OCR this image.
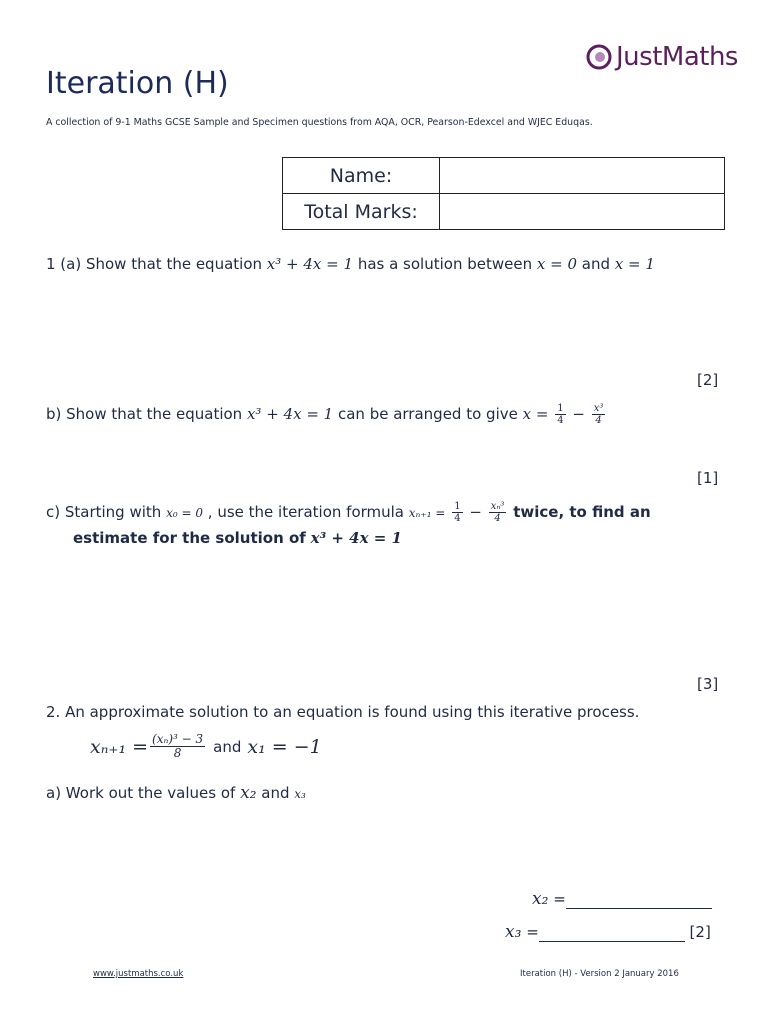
JustMaths
Iteration (H)
A collection of 9-1 Maths GCSE Sample and Specimen questions from AQA, OCR, Pearson-Edexcel and WJEC Eduqas.
Name:	
Total Marks:	
1 (a) Show that the equation x³ + 4x = 1 has a solution between x = 0 and x = 1
[2]
b) Show that the equation x³ + 4x = 1 can be arranged to give $x = \frac{1}{4} - \frac{\text{x³}}{4}$
[1]
c) Starting with x₀ = 0 , use the iteration formula $x_{n+1} = \frac{1}{4} - \frac{\text{xₙ³}}{4}$ twice, to find an
estimate for the solution of x³ + 4x = 1
[3]
2. An approximate solution to an equation is found using this iterative process.
$x_{n+1} = \frac{\text{(xₙ)³ − 3}}{8}$ and x₁ = −1
a) Work out the values of x₂ and x₃
x₂ =
x₃ =	[2]
www.justmaths.co.uk	Iteration (H) - Version 2 January 2016
